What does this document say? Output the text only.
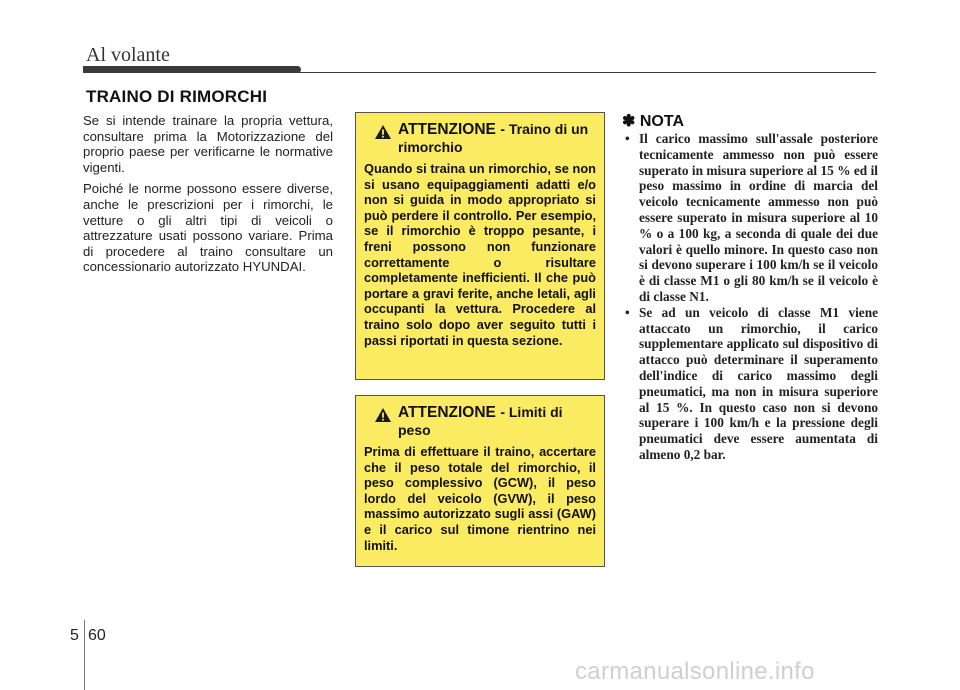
Al volante
TRAINO DI RIMORCHI

Se si intende trainare la propria vettura, consultare prima la Motorizzazione del proprio paese per verificarne le normative vigenti.

Poiché le norme possono essere diverse, anche le prescrizioni per i rimorchi, le vetture o gli altri tipi di veicoli o attrezzature usati possono variare. Prima di procedere al traino consultare un concessionario autorizzato HYUNDAI.

ATTENZIONE - Traino di un rimorchio
Quando si traina un rimorchio, se non si usano equipaggiamenti adatti e/o non si guida in modo appropriato si può perdere il controllo. Per esempio, se il rimorchio è troppo pesante, i freni possono non funzionare correttamente o risultare completamente inefficienti. Il che può portare a gravi ferite, anche letali, agli occupanti la vettura. Procedere al traino solo dopo aver seguito tutti i passi riportati in questa sezione.
ATTENZIONE - Limiti di peso
Prima di effettuare il traino, accertare che il peso totale del rimorchio, il peso complessivo (GCW), il peso lordo del veicolo (GVW), il peso massimo autorizzato sugli assi (GAW) e il carico sul timone rientrino nei limiti.
✽ NOTA
• Il carico massimo sull'assale posteriore tecnicamente ammesso non può essere superato in misura superiore al 15 % ed il peso massimo in ordine di marcia del veicolo tecnicamente ammesso non può essere superato in misura superiore al 10 % o a 100 kg, a seconda di quale dei due valori è quello minore. In questo caso non si devono superare i 100 km/h se il veicolo è di classe M1 o gli 80 km/h se il veicolo è di classe N1.
• Se ad un veicolo di classe M1 viene attaccato un rimorchio, il carico supplementare applicato sul dispositivo di attacco può determinare il superamento dell'indice di carico massimo degli pneumatici, ma non in misura superiore al 15 %. In questo caso non si devono superare i 100 km/h e la pressione degli pneumatici deve essere aumentata di almeno 0,2 bar.
5 60
carmanualsonline.info
